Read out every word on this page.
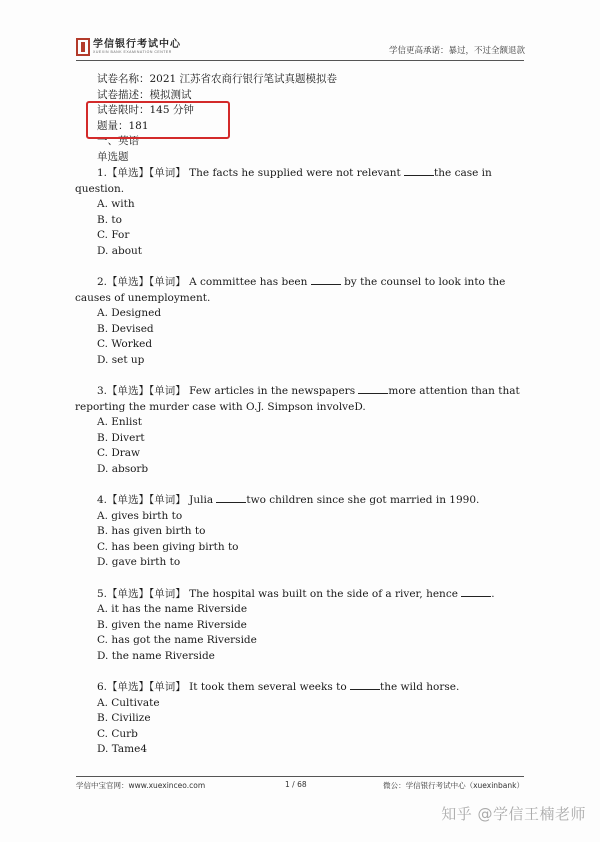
学信银行考试中心
XUEXIN BANK EXAMINATION CENTER	学信更高承诺：暴过，不过全额退款
试卷名称：2021 江苏省农商行银行笔试真题模拟卷
试卷描述：模拟测试
试卷限时：145 分钟
题量：181
一、英语
单选题
1.【单选】【单词】 The facts he supplied were not relevant	the case in question.
A. with
B. to
C. For
D. about
2.【单选】【单词】 A committee has been	by the counsel to look into the causes of unemployment.
A. Designed
B. Devised
C. Worked
D. set up
3.【单选】【单词】 Few articles in the newspapers	more attention than that reporting the murder case with O.J. Simpson involveD.
A. Enlist
B. Divert
C. Draw
D. absorb
4.【单选】【单词】 Julia	two children since she got married in 1990.
A. gives birth to
B. has given birth to
C. has been giving birth to
D. gave birth to
5.【单选】【单词】 The hospital was built on the side of a river, hence	.
A. it has the name Riverside
B. given the name Riverside
C. has got the name Riverside
D. the name Riverside
6.【单选】【单词】 It took them several weeks to	the wild horse.
A. Cultivate
B. Civilize
C. Curb
D. Tame4
学信中宝官网：www.xuexinceo.com	1 / 68	微公：学信银行考试中心（xuexinbank）
知乎 @学信王楠老师
